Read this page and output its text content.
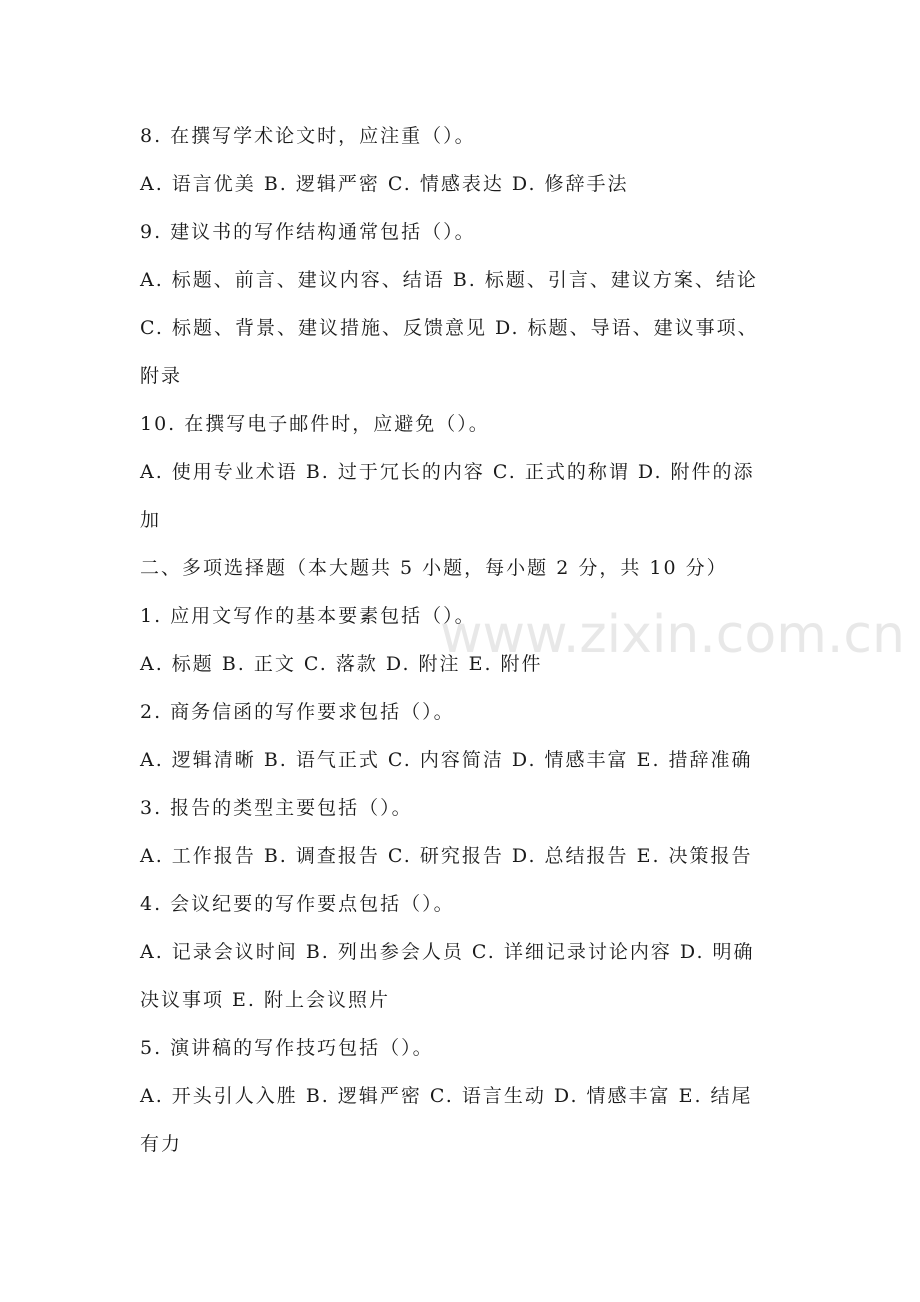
www.zixin.com.cn
8. 在撰写学术论文时，应注重（）。
A. 语言优美 B. 逻辑严密 C. 情感表达 D. 修辞手法
9. 建议书的写作结构通常包括（）。
A. 标题、前言、建议内容、结语 B. 标题、引言、建议方案、结论
C. 标题、背景、建议措施、反馈意见 D. 标题、导语、建议事项、
附录
10. 在撰写电子邮件时，应避免（）。
A. 使用专业术语 B. 过于冗长的内容 C. 正式的称谓 D. 附件的添
加
二、多项选择题（本大题共 5 小题，每小题 2 分，共 10 分）
1. 应用文写作的基本要素包括（）。
A. 标题 B. 正文 C. 落款 D. 附注 E. 附件
2. 商务信函的写作要求包括（）。
A. 逻辑清晰 B. 语气正式 C. 内容简洁 D. 情感丰富 E. 措辞准确
3. 报告的类型主要包括（）。
A. 工作报告 B. 调查报告 C. 研究报告 D. 总结报告 E. 决策报告
4. 会议纪要的写作要点包括（）。
A. 记录会议时间 B. 列出参会人员 C. 详细记录讨论内容 D. 明确
决议事项 E. 附上会议照片
5. 演讲稿的写作技巧包括（）。
A. 开头引人入胜 B. 逻辑严密 C. 语言生动 D. 情感丰富 E. 结尾
有力
